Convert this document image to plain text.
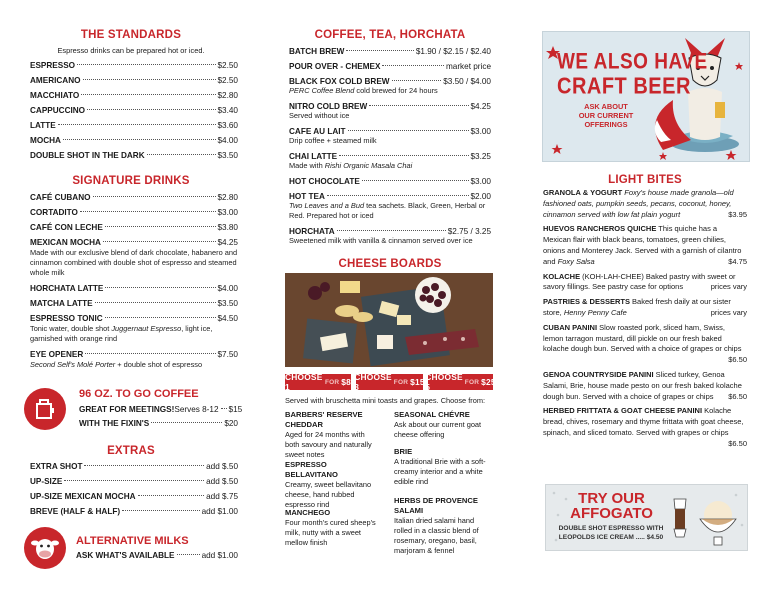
THE STANDARDS
Espresso drinks can be prepared hot or iced.
ESPRESSO	$2.50
AMERICANO	$2.50
MACCHIATO	$2.80
CAPPUCCINO	$3.40
LATTE	$3.60
MOCHA	$4.00
DOUBLE SHOT IN THE DARK	$3.50
SIGNATURE DRINKS
CAFÉ CUBANO	$2.80
CORTADITO	$3.00
CAFÉ CON LECHE	$3.80
MEXICAN MOCHA	$4.25
Made with our exclusive blend of dark chocolate, habanero and cinnamon combined with double shot of espresso and steamed whole milk
HORCHATA LATTE	$4.00
MATCHA LATTE	$3.50
ESPRESSO TONIC	$4.50
Tonic water, double shot Juggernaut Espresso, light ice, garnished with orange rind
EYE OPENER	$7.50
Second Self's Molé Porter + double shot of espresso
96 OZ. TO GO COFFEE
GREAT FOR MEETINGS! Serves 8-12 $15
WITH THE FIXIN'S	$20
EXTRAS
EXTRA SHOT	add $.50
UP-SIZE	add $.50
UP-SIZE MEXICAN MOCHA	add $.75
BREVE (HALF & HALF)	add $1.00
ALTERNATIVE MILKS
ASK WHAT'S AVAILABLE	add $1.00
COFFEE, TEA, HORCHATA
BATCH BREW	$1.90 / $2.15 / $2.40
POUR OVER - CHEMEX	market price
BLACK FOX COLD BREW	$3.50 / $4.00
PERC Coffee Blend cold brewed for 24 hours
NITRO COLD BREW	$4.25
Served without ice
CAFE AU LAIT	$3.00
Drip coffee + steamed milk
CHAI LATTE	$3.25
Made with Rishi Organic Masala Chai
HOT CHOCOLATE	$3.00
HOT TEA	$2.00
Two Leaves and a Bud tea sachets. Black, Green, Herbal or Red. Prepared hot or iced
HORCHATA	$2.75 / 3.25
Sweetened milk with vanilla & cinnamon served over ice
CHEESE BOARDS
CHOOSE 1	FOR $8 CHOOSE 3	FOR $15 CHOOSE 5	FOR $25
Served with bruschetta mini toasts and grapes. Choose from:
BARBERS' RESERVE CHEDDAR
Aged for 24 months with both savoury and naturally sweet notes
SEASONAL CHÉVRE
Ask about our current goat cheese offering
BRIE
A traditional Brie with a soft-creamy interior and a white edible rind
ESPRESSO BELLAVITANO
Creamy, sweet bellavitano cheese, hand rubbed espresso rind	HERBS DE PROVENCE SALAMI
Italian dried salami hand rolled in a classic blend of rosemary, oregano, basil, marjoram & fennel
MANCHEGO
Four month's cured sheep's milk, nutty with a sweet mellow finish
WE ALSO HAVE
CRAFT BEER
ASK ABOUT
OUR CURRENT
OFFERINGS
LIGHT BITES
GRANOLA & YOGURT Foxy's house made granola—old fashioned oats, pumpkin seeds, pecans, coconut, honey, cinnamon served with low fat plain yogurt	$3.95
HUEVOS RANCHEROS QUICHE This quiche has a Mexican flair with black beans, tomatoes, green chilies, onions and Monterey Jack. Served with a garnish of cilantro and Foxy Salsa	$4.75
KOLACHE (KOH-LAH-CHEE) Baked pastry with sweet or savory fillings. See pastry case for options	prices vary
PASTRIES & DESSERTS Baked fresh daily at our sister store, Henny Penny Cafe	prices vary
CUBAN PANINI Slow roasted pork, sliced ham, Swiss, lemon tarragon mustard, dill pickle on our fresh baked kolache dough bun. Served with a choice of grapes or chips
$6.50
GENOA COUNTRYSIDE PANINI Sliced turkey, Genoa Salami, Brie, house made pesto on our fresh baked kolache dough bun. Served with a choice of grapes or chips $6.50
HERBED FRITTATA & GOAT CHEESE PANINI Kolache bread, chives, rosemary and thyme frittata with goat cheese, spinach, and sliced tomato. Served with grapes or chips
$6.50
TRY OUR
AFFOGATO
DOUBLE SHOT ESPRESSO WITH
LEOPOLDS ICE CREAM ..... $4.50
